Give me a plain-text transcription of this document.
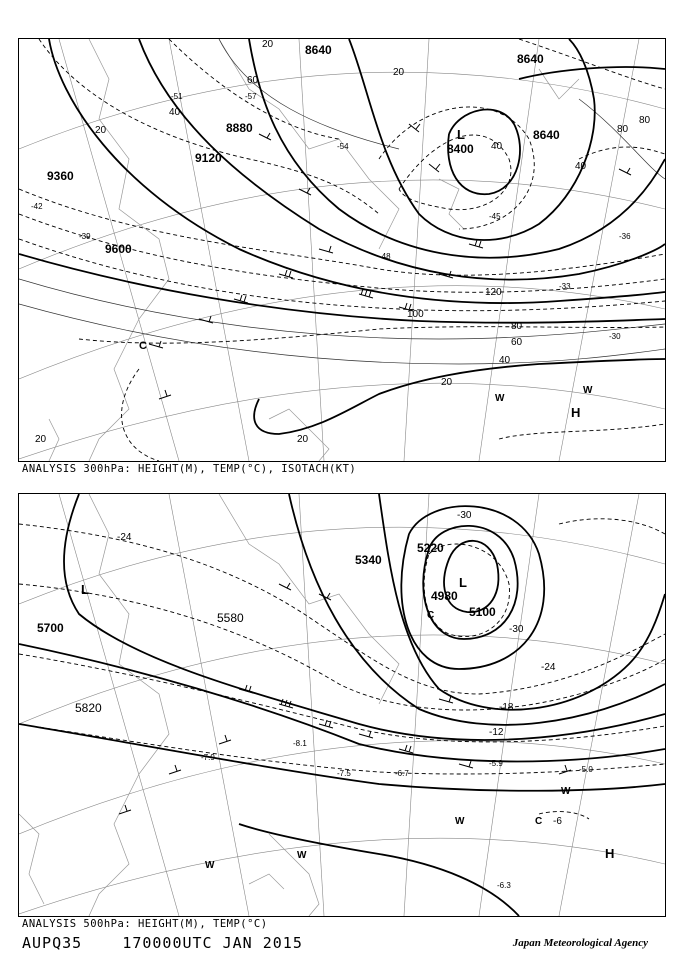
8640
8640
8640
8400
8880
9120
9360
9600
20
40
60
80
100
120
20
40
60
80
20
20	20
40
80
20
40
-30
-33
-36
-39
-42
-45
-48
-51
-54
-57
L
H
W
W
C
ANALYSIS 300hPa: HEIGHT(M), TEMP(°C), ISOTACH(KT)
4980
5100
5220
5340
5580
5700
5820
-30
-24
-18
-12
-6
-24
-30
-5.9
-6.7	-5.0
-6.3
-7.5
-8.1
-7.9
L
L
H
C
W
W
W
W
C
ANALYSIS 500hPa: HEIGHT(M), TEMP(°C)
AUPQ35	170000UTC JAN 2015	Japan Meteorological Agency
